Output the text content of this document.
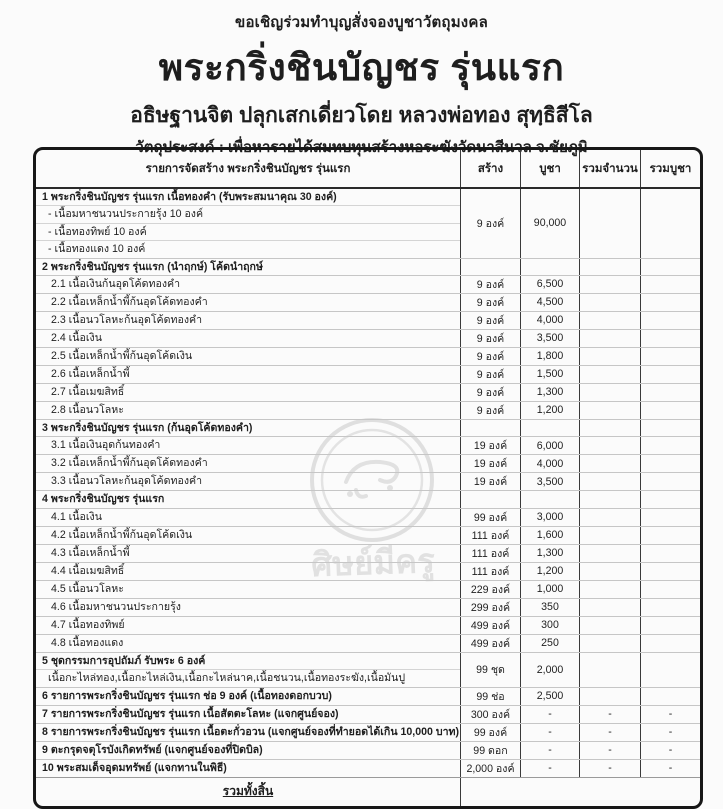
ขอเชิญร่วมทำบุญสั่งจองบูชาวัตถุมงคล
พระกริ่งชินบัญชร รุ่นแรก
อธิษฐานจิต ปลุกเสกเดี่ยวโดย หลวงพ่อทอง สุทฺธิสีโล
วัตถุประสงค์ : เพื่อหารายได้สมทบทุนสร้างหอระฆังวัดนาสีนวล จ.ชัยภูมิ
ศิษย์มีครู
รายการจัดสร้าง พระกริ่งชินบัญชร รุ่นแรก	สร้าง	บูชา	รวมจำนวน	รวมบูชา
1 พระกริ่งชินบัญชร รุ่นแรก เนื้อทองคำ (รับพระสมนาคุณ 30 องค์)
- เนื้อมหาชนวนประกายรุ้ง 10 องค์
- เนื้อทองทิพย์ 10 องค์
- เนื้อทองแดง 10 องค์
9 องค์	90,000
2 พระกริ่งชินบัญชร รุ่นแรก (นำฤกษ์) โค้ดนำฤกษ์
2.1 เนื้อเงินก้นอุดโค้ดทองคำ	9 องค์	6,500
2.2 เนื้อเหล็กน้ำพี้ก้นอุดโค้ดทองคำ	9 องค์	4,500
2.3 เนื้อนวโลหะก้นอุดโค้ดทองคำ	9 องค์	4,000
2.4 เนื้อเงิน	9 องค์	3,500
2.5 เนื้อเหล็กน้ำพี้ก้นอุดโค้ดเงิน	9 องค์	1,800
2.6 เนื้อเหล็กน้ำพี้	9 องค์	1,500
2.7 เนื้อเมฆสิทธิ์	9 องค์	1,300
2.8 เนื้อนวโลหะ	9 องค์	1,200
3 พระกริ่งชินบัญชร รุ่นแรก (ก้นอุดโค้ดทองคำ)
3.1 เนื้อเงินอุดก้นทองคำ	19 องค์	6,000
3.2 เนื้อเหล็กน้ำพี้ก้นอุดโค้ดทองคำ	19 องค์	4,000
3.3 เนื้อนวโลหะก้นอุดโค้ดทองคำ	19 องค์	3,500
4 พระกริ่งชินบัญชร รุ่นแรก
4.1 เนื้อเงิน	99 องค์	3,000
4.2 เนื้อเหล็กน้ำพี้ก้นอุดโค้ดเงิน	111 องค์	1,600
4.3 เนื้อเหล็กน้ำพี้	111 องค์	1,300
4.4 เนื้อเมฆสิทธิ์	111 องค์	1,200
4.5 เนื้อนวโลหะ	229 องค์	1,000
4.6 เนื้อมหาชนวนประกายรุ้ง	299 องค์	350
4.7 เนื้อทองทิพย์	499 องค์	300
4.8 เนื้อทองแดง	499 องค์	250
5 ชุดกรรมการอุปถัมภ์ รับพระ 6 องค์
เนื้อกะไหล่ทอง,เนื้อกะไหล่เงิน,เนื้อกะไหล่นาค,เนื้อชนวน,เนื้อทองระฆัง,เนื้อมันปู
99 ชุด	2,000
6 รายการพระกริ่งชินบัญชร รุ่นแรก ช่อ 9 องค์ (เนื้อทองดอกบวบ)	99 ช่อ	2,500
7 รายการพระกริ่งชินบัญชร รุ่นแรก เนื้อสัตตะโลหะ (แจกศูนย์จอง)	300 องค์	-	-	-
8 รายการพระกริ่งชินบัญชร รุ่นแรก เนื้อตะกั่วอวน (แจกศูนย์จองที่ทำยอดได้เกิน 10,000 บาท)	99 องค์	-	-	-
9 ตะกรุดจตุโรบังเกิดทรัพย์ (แจกศูนย์จองที่ปิดบิล)	99 ดอก	-	-	-
10 พระสมเด็จอุดมทรัพย์ (แจกทานในพิธี)	2,000 องค์	-	-	-
รวมทั้งสิ้น
